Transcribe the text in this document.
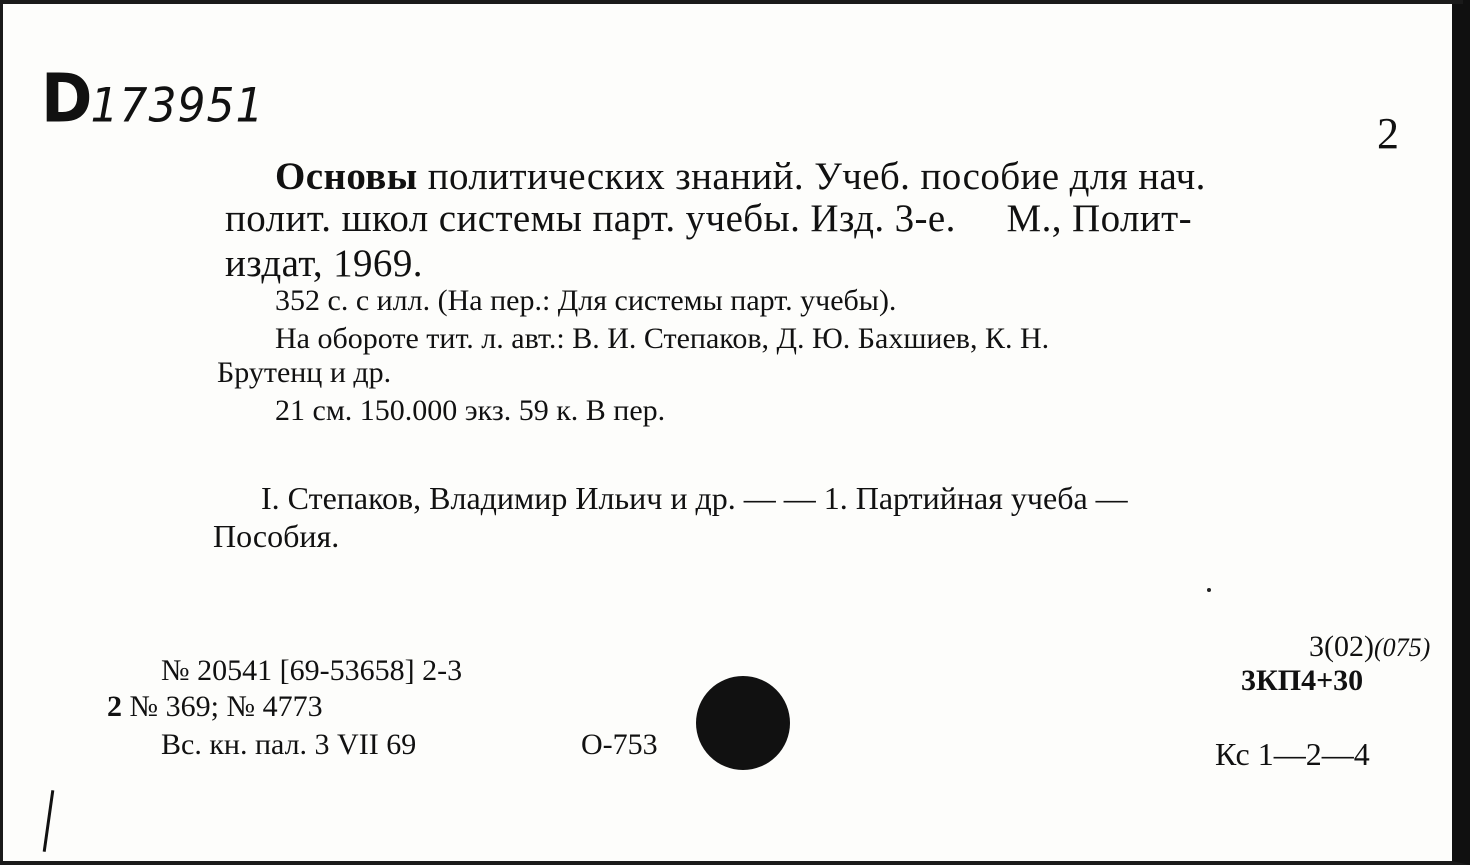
D173951	2
Основы политических знаний. Учеб. пособие для нач.
полит. школ системы парт. учебы. Изд. 3-е.     М., Полит-
издат, 1969.
352 с. с илл. (На пер.: Для системы парт. учебы).
На обороте тит. л. авт.: В. И. Степаков, Д. Ю. Бахшиев, К. Н.
Брутенц и др.
21 см. 150.000 экз. 59 к. В пер.
I. Степаков, Владимир Ильич и др. — — 1. Партийная учеба —
Пособия.
№ 20541 [69-53658] 2-3
2 № 369; № 4773
Вс. кн. пал. 3 VII 69	О-753
3(02)(075)
3КП4+30
Кс 1—2—4
